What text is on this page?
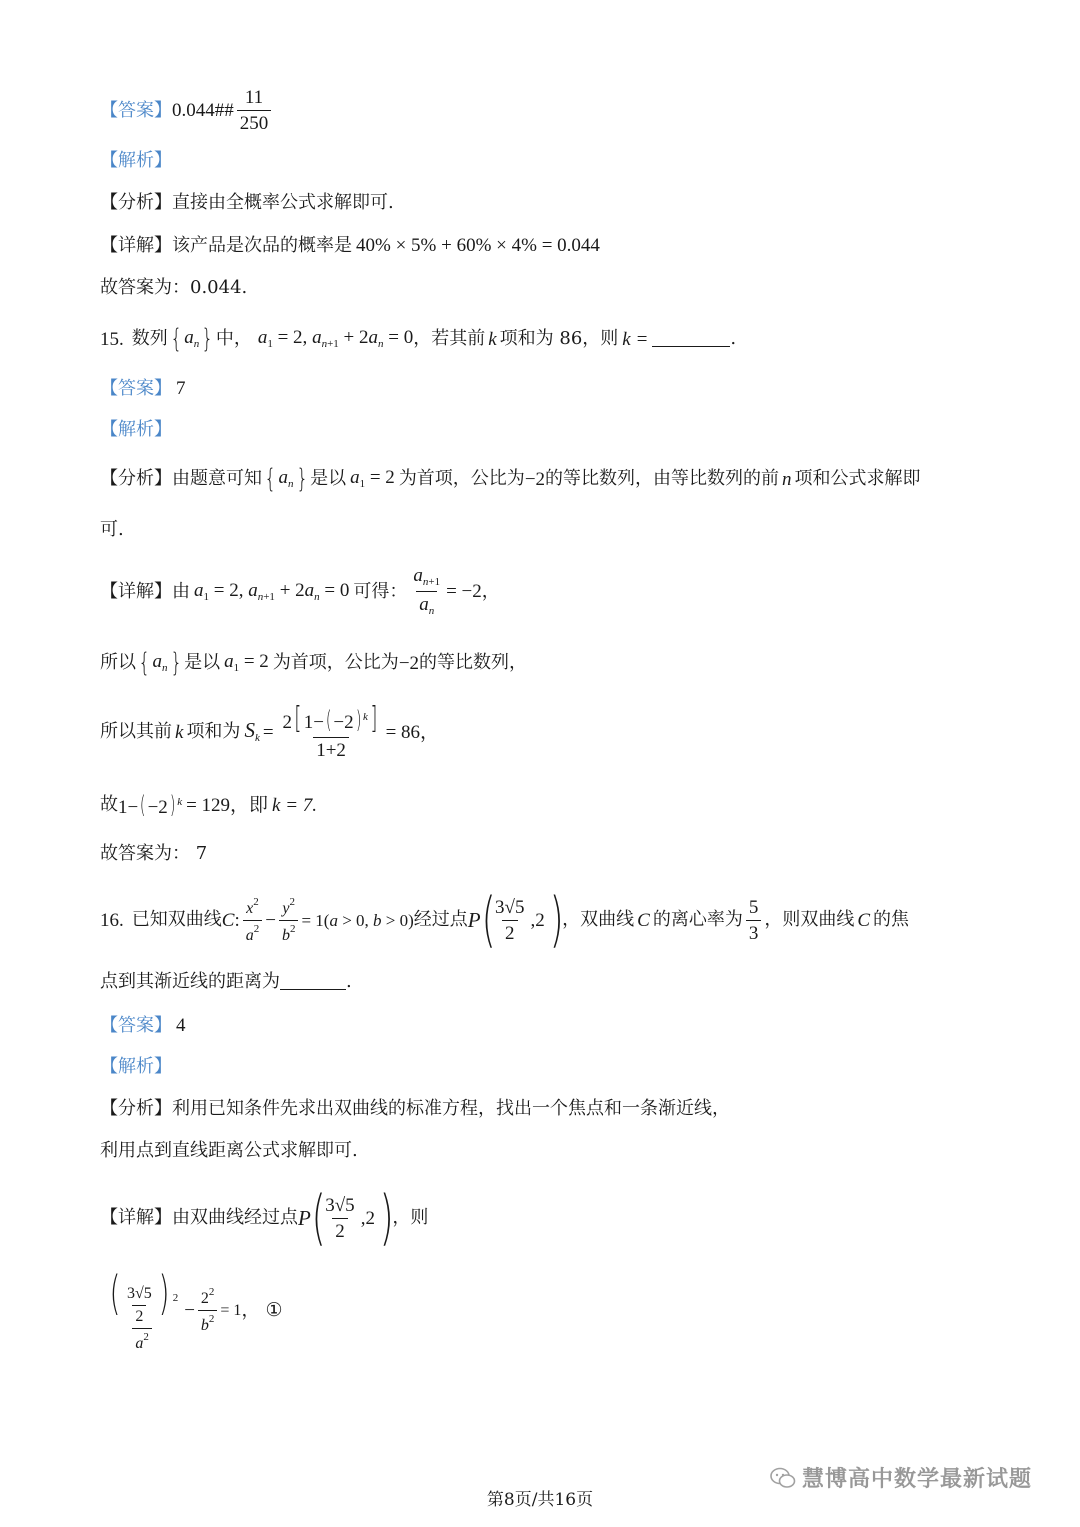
【答案】 0.044## $\frac{11}{250}$
【解析】
【分析】 直接由全概率公式求解即可.
【详解】 该产品是次品的概率是 40% × 5% + 60% × 4% = 0.044
故答案为：0.044.
15. 数列 { $a_n$ } 中， $a_1 = 2$, $a_{n+1} + 2a_n = 0$ ，若其前 k 项和为 86，则 k =	.
【答案】 7
【解析】
【分析】 由题意可知 { $a_n$ } 是以 $a_1 = 2$ 为首项，公比为 −2 的等比数列，由等比数列的前 n 项和公式求解即
可.
【详解】 由 $a_1 = 2$, $a_{n+1} + 2a_n = 0$ 可得： $\frac{a_{n+1}}{a_n} = -2$ ，
所以 { $a_n$ } 是以 $a_1 = 2$ 为首项，公比为 −2 的等比数列，
所以其前 k 项和为 $S_k = \frac{2[ 1-(-2) ^k]}{1+2} = 86$，
故 1−(−2) $^k$ = 129，即 k = 7.
故答案为： 7
16. 已知双曲线 C : $\frac{x^2}{a^2} - \frac{y^2}{b^2} = 1(a > 0$, b > 0) 经过点 P (
$\frac{3√5}{2} ,2$ )
，双曲线 C 的离心率为 $\frac{5}{3}$ ，则双曲线 C 的焦
点到其渐近线的距离为	.
【答案】 4
【解析】
【分析】 利用已知条件先求出双曲线的标准方程，找出一个焦点和一条渐近线，
利用点到直线距离公式求解即可.
【详解】 由双曲线经过点 P (
$\frac{3√5}{2} ,2$ )
，则
$\frac{( \frac{3√5}{2} ) ^2}{a^2} - \frac{2^2}{b^2} = 1$ ， ①
第8页/共16页
慧博高中数学最新试题
